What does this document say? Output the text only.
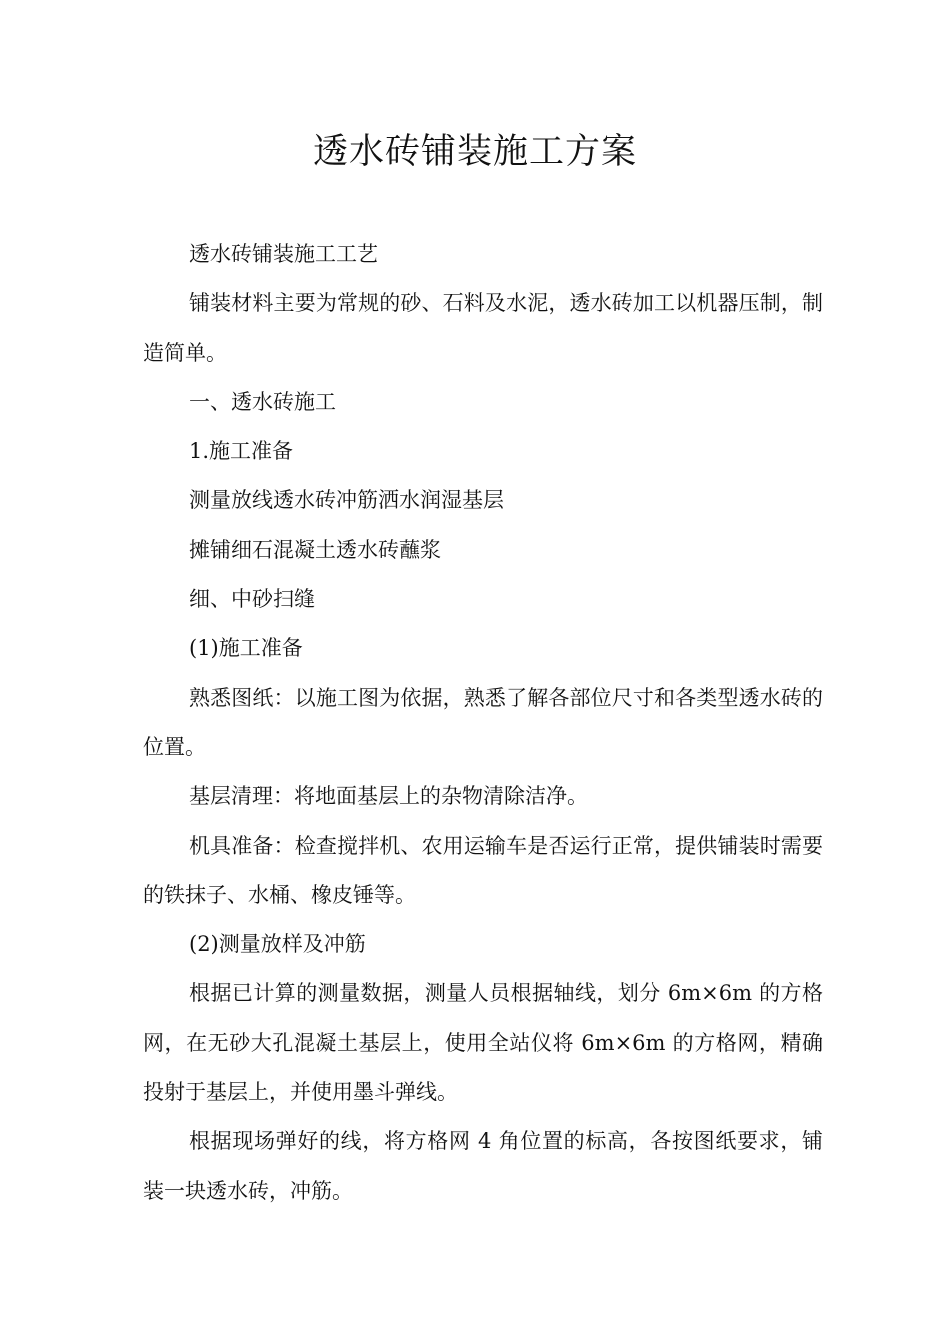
透水砖铺装施工方案

透水砖铺装施工工艺

铺装材料主要为常规的砂、石料及水泥，透水砖加工以机器压制，制造简单。

一、透水砖施工

1.施工准备

测量放线透水砖冲筋洒水润湿基层

摊铺细石混凝土透水砖蘸浆

细、中砂扫缝

(1)施工准备

熟悉图纸：以施工图为依据，熟悉了解各部位尺寸和各类型透水砖的位置。

基层清理：将地面基层上的杂物清除洁净。

机具准备：检查搅拌机、农用运输车是否运行正常，提供铺装时需要的铁抹子、水桶、橡皮锤等。

(2)测量放样及冲筋

根据已计算的测量数据，测量人员根据轴线，划分 6m×6m 的方格网，在无砂大孔混凝土基层上，使用全站仪将 6m×6m 的方格网，精确投射于基层上，并使用墨斗弹线。

根据现场弹好的线，将方格网 4 角位置的标高，各按图纸要求，铺装一块透水砖，冲筋。
